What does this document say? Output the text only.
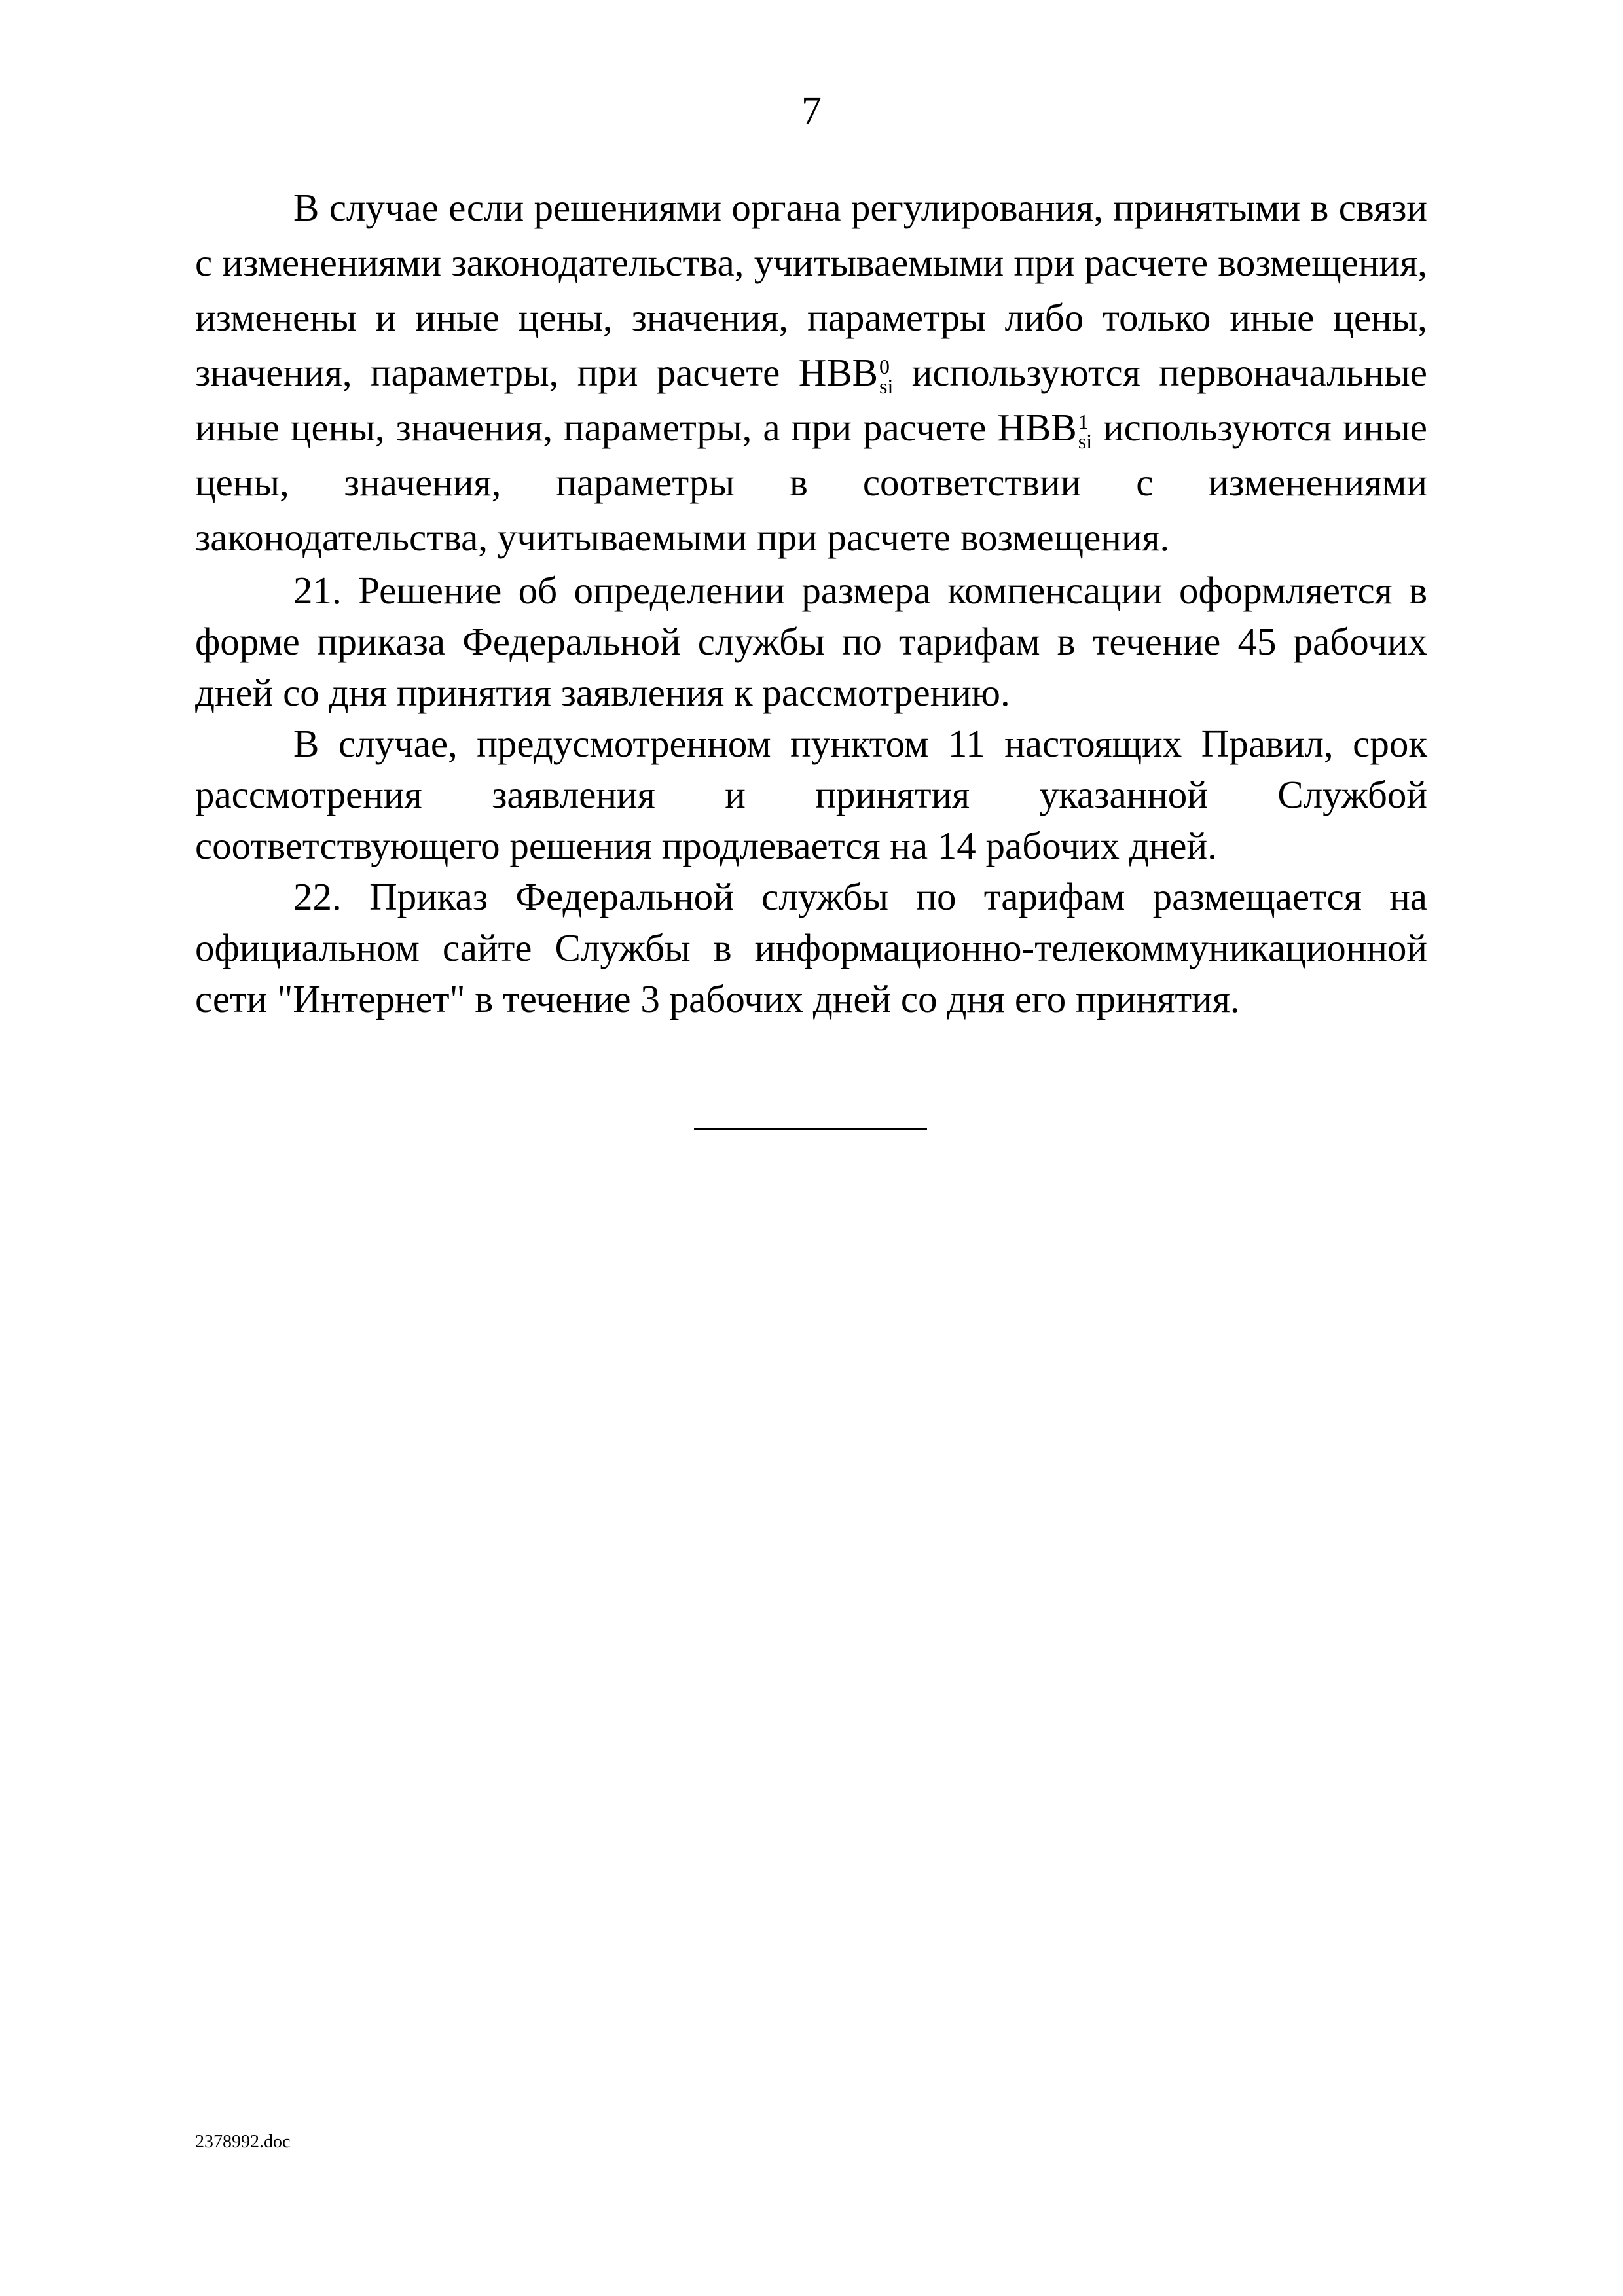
7

В случае если решениями органа регулирования, принятыми в связи с изменениями законодательства, учитываемыми при расчете возмещения, изменены и иные цены, значения, параметры либо только иные цены, значения, параметры, при расчете НВВ 0
si используются первоначальные иные цены, значения, параметры, а при расчете НВВ 1
si используются иные цены, значения, параметры в соответствии с изменениями законодательства, учитываемыми при расчете возмещения.

21. Решение об определении размера компенсации оформляется в форме приказа Федеральной службы по тарифам в течение 45 рабочих дней со дня принятия заявления к рассмотрению.

В случае, предусмотренном пунктом 11 настоящих Правил, срок рассмотрения заявления и принятия указанной Службой соответствующего решения продлевается на 14 рабочих дней.

22. Приказ Федеральной службы по тарифам размещается на официальном сайте Службы в информационно-телекоммуникационной сети "Интернет" в течение 3 рабочих дней со дня его принятия.

2378992.doc
